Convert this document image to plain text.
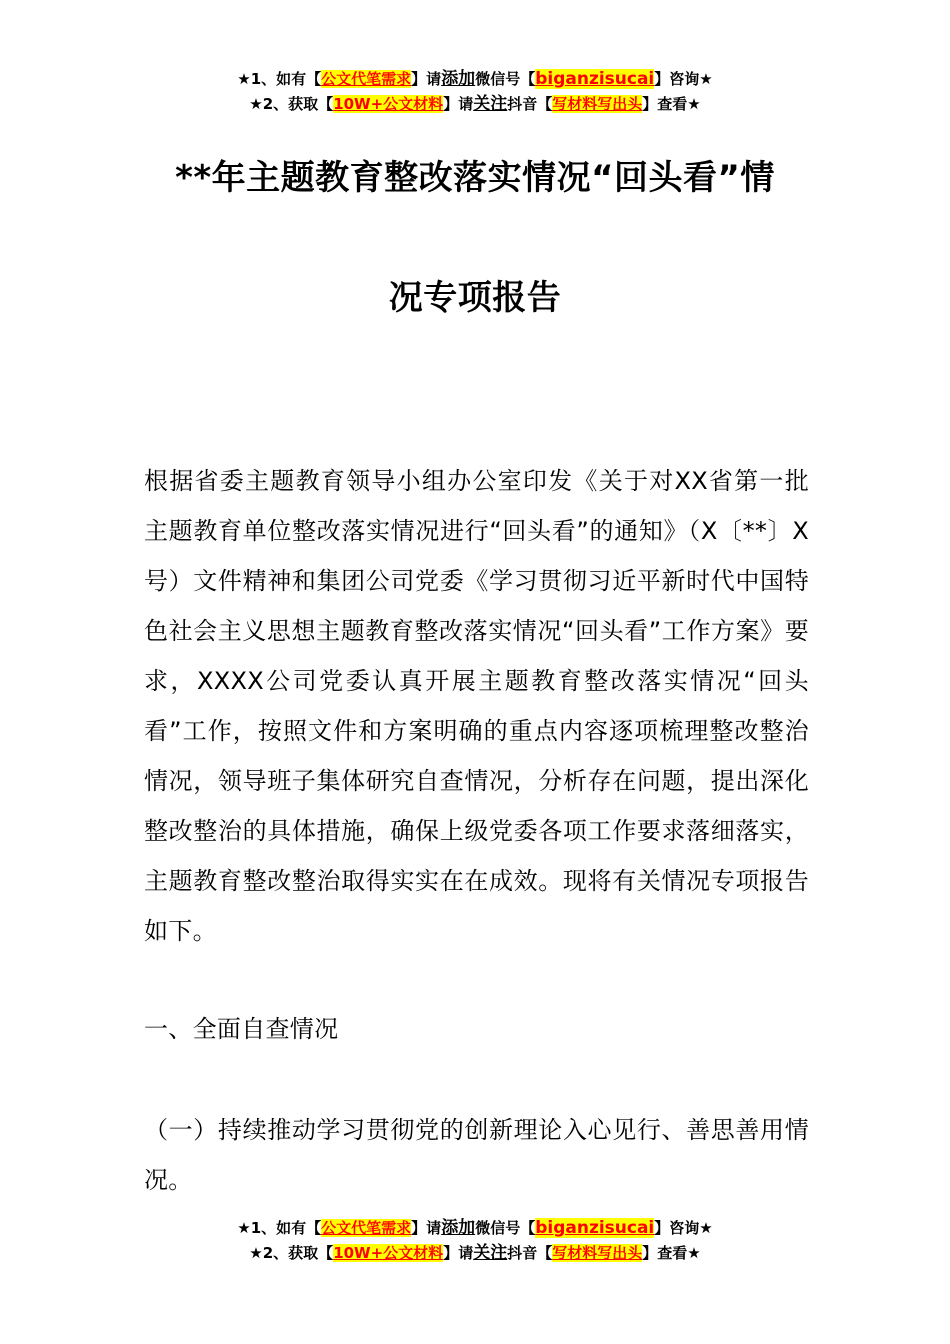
★1、如有【公文代笔需求】请添加微信号【biganzisucai】咨询★
★2、获取【10W+公文材料】请关注抖音【写材料写出头】查看★
**年主题教育整改落实情况“回头看”情
况专项报告
根据省委主题教育领导小组办公室印发《关于对XX省第一批主题教育单位整改落实情况进行“回头看”的通知》（X〔**〕X号）文件精神和集团公司党委《学习贯彻习近平新时代中国特色社会主义思想主题教育整改落实情况“回头看”工作方案》要求，XXXX公司党委认真开展主题教育整改落实情况“回头看”工作，按照文件和方案明确的重点内容逐项梳理整改整治情况，领导班子集体研究自查情况，分析存在问题，提出深化整改整治的具体措施，确保上级党委各项工作要求落细落实，主题教育整改整治取得实实在在成效。现将有关情况专项报告如下。
一、全面自查情况
（一）持续推动学习贯彻党的创新理论入心见行、善思善用情况。
★1、如有【公文代笔需求】请添加微信号【biganzisucai】咨询★
★2、获取【10W+公文材料】请关注抖音【写材料写出头】查看★
